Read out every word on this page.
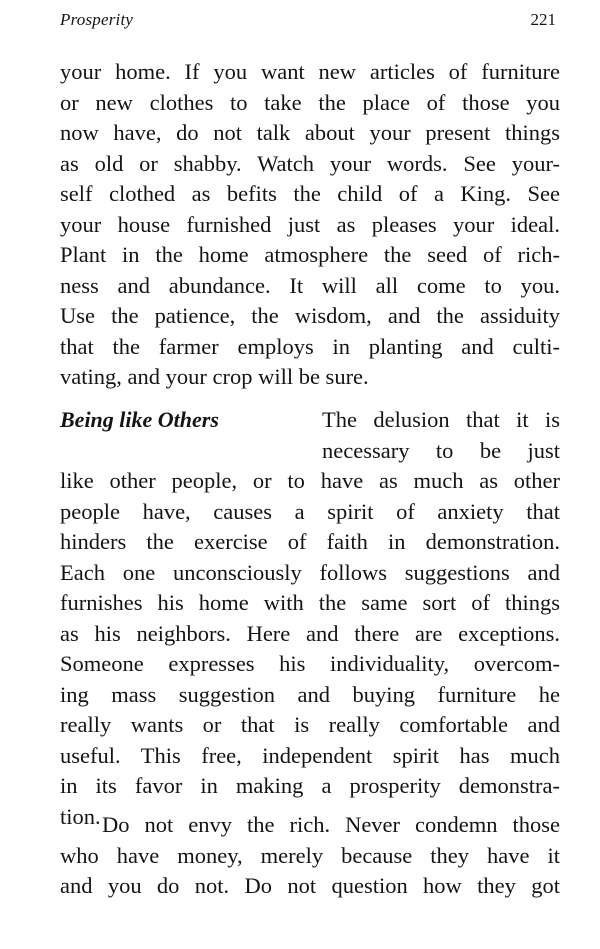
Prosperity	221
your home. If you want new articles of furniture
or new clothes to take the place of those you
now have, do not talk about your present things
as old or shabby. Watch your words. See your-
self clothed as befits the child of a King. See
your house furnished just as pleases your ideal.
Plant in the home atmosphere the seed of rich-
ness and abundance. It will all come to you.
Use the patience, the wisdom, and the assiduity
that the farmer employs in planting and culti-
vating, and your crop will be sure.
Being like Others	The delusion that it is
necessary to be just
like other people, or to have as much as other
people have, causes a spirit of anxiety that
hinders the exercise of faith in demonstration.
Each one unconsciously follows suggestions and
furnishes his home with the same sort of things
as his neighbors. Here and there are exceptions.
Someone expresses his individuality, overcom-
ing mass suggestion and buying furniture he
really wants or that is really comfortable and
useful. This free, independent spirit has much
in its favor in making a prosperity demonstra-
tion. Do not envy the rich. Never condemn those
who have money, merely because they have it
and you do not. Do not question how they got
